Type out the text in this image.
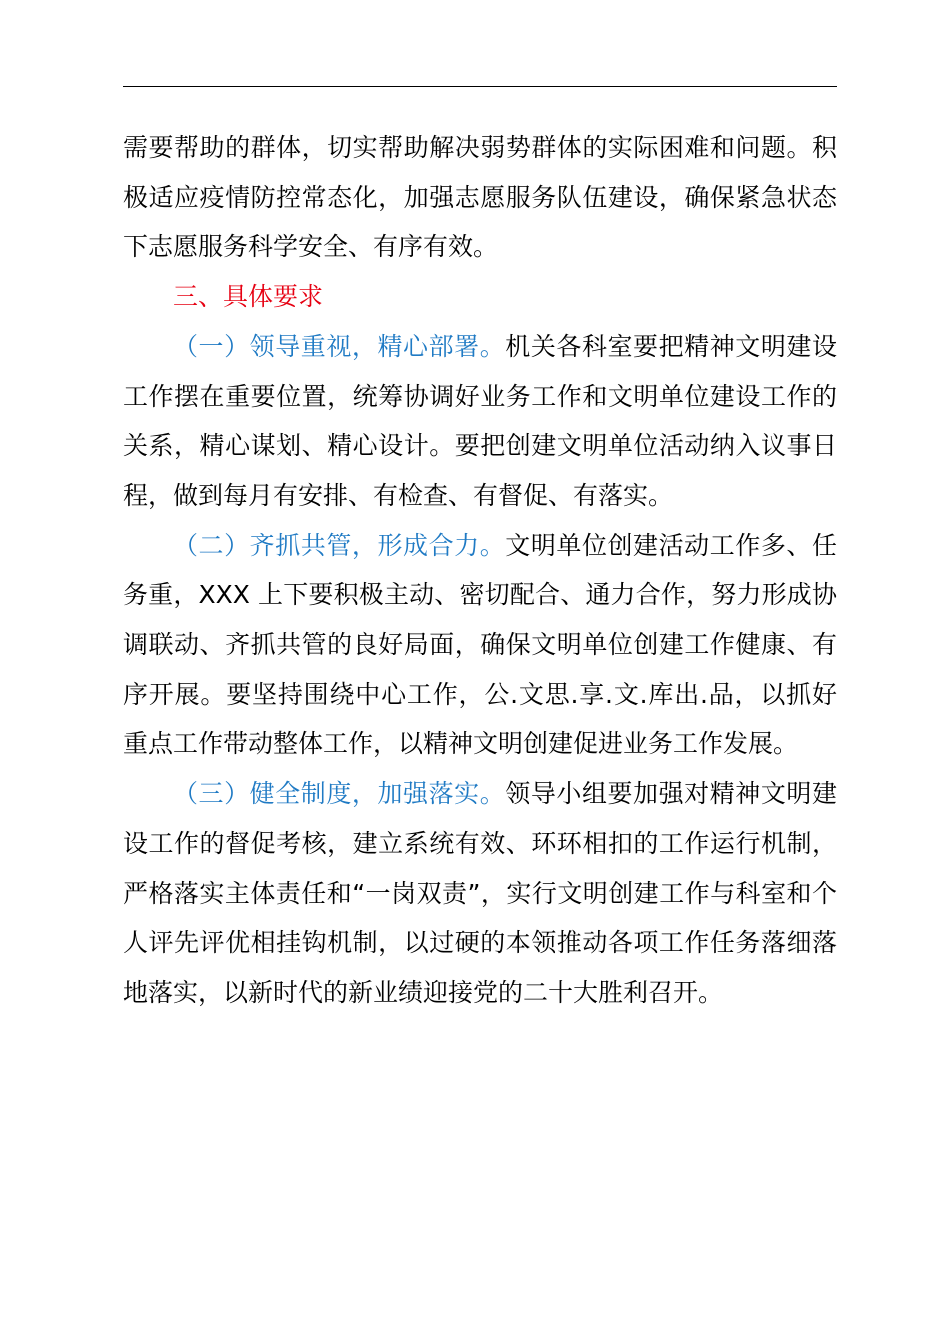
需要帮助的群体，切实帮助解决弱势群体的实际困难和问题。积极适应疫情防控常态化，加强志愿服务队伍建设，确保紧急状态下志愿服务科学安全、有序有效。

三、具体要求

（一）领导重视，精心部署。机关各科室要把精神文明建设工作摆在重要位置，统筹协调好业务工作和文明单位建设工作的关系，精心谋划、精心设计。要把创建文明单位活动纳入议事日程，做到每月有安排、有检查、有督促、有落实。

（二）齐抓共管，形成合力。文明单位创建活动工作多、任务重，XXX 上下要积极主动、密切配合、通力合作，努力形成协调联动、齐抓共管的良好局面，确保文明单位创建工作健康、有序开展。要坚持围绕中心工作，公.文思.享.文.库出.品，以抓好重点工作带动整体工作，以精神文明创建促进业务工作发展。

（三）健全制度，加强落实。领导小组要加强对精神文明建设工作的督促考核，建立系统有效、环环相扣的工作运行机制，严格落实主体责任和“一岗双责”，实行文明创建工作与科室和个人评先评优相挂钩机制，以过硬的本领推动各项工作任务落细落地落实，以新时代的新业绩迎接党的二十大胜利召开。
